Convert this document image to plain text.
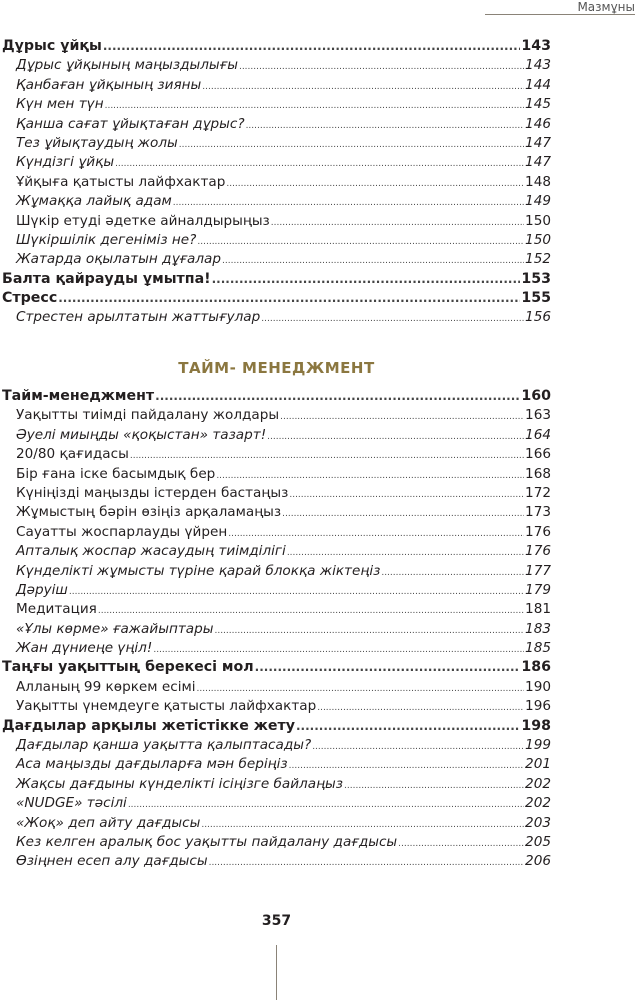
Мазмұны
Дұрыс ұйқы .....	143
Дұрыс ұйқының маңыздылығы .....	143
Қанбаған ұйқының зияны .....	144
Күн мен түн .....	145
Қанша сағат ұйықтаған дұрыс? .....	146
Тез ұйықтаудың жолы .....	147
Күндізгі ұйқы .....	147
Ұйқыға қатысты лайфхактар .....	148
Жұмаққа лайық адам .....	149
Шүкір етуді әдетке айналдырыңыз .....	150
Шүкіршілік дегеніміз не? .....	150
Жатарда оқылатын дұғалар .....	152
Балта қайрауды ұмытпа! .....	153
Стресс .....	155
Стрестен арылтатын жаттығулар .....	156
ТАЙМ- МЕНЕДЖМЕНТ
Тайм-менеджмент .....	160
Уақытты тиімді пайдалану жолдары .....	163
Әуелі миыңды «қоқыстан» тазарт! .....	164
20/80 қағидасы .....	166
Бір ғана іске басымдық бер .....	168
Күніңізді маңызды істерден бастаңыз .....	172
Жұмыстың бәрін өзіңіз арқаламаңыз .....	173
Сауатты жоспарлауды үйрен .....	176
Апталық жоспар жасаудың тиімділігі .....	176
Күнделікті жұмысты түріне қарай блокқа жіктеңіз .....	177
Дәруіш .....	179
Медитация .....	181
«Ұлы көрме» ғажайыптары .....	183
Жан дүниеңе үңіл! .....	185
Таңғы уақыттың берекесі мол .....	186
Алланың 99 көркем есімі .....	190
Уақытты үнемдеуге қатысты лайфхактар .....	196
Дағдылар арқылы жетістікке жету .....	198
Дағдылар қанша уақытта қалыптасады? .....	199
Аса маңызды дағдыларға мән беріңіз .....	201
Жақсы дағдыны күнделікті ісіңізге байлаңыз .....	202
«NUDGE» тәсілі .....	202
«Жоқ» деп айту дағдысы .....	203
Кез келген аралық бос уақытты пайдалану дағдысы .....	205
Өзіңнен есеп алу дағдысы .....	206
357
